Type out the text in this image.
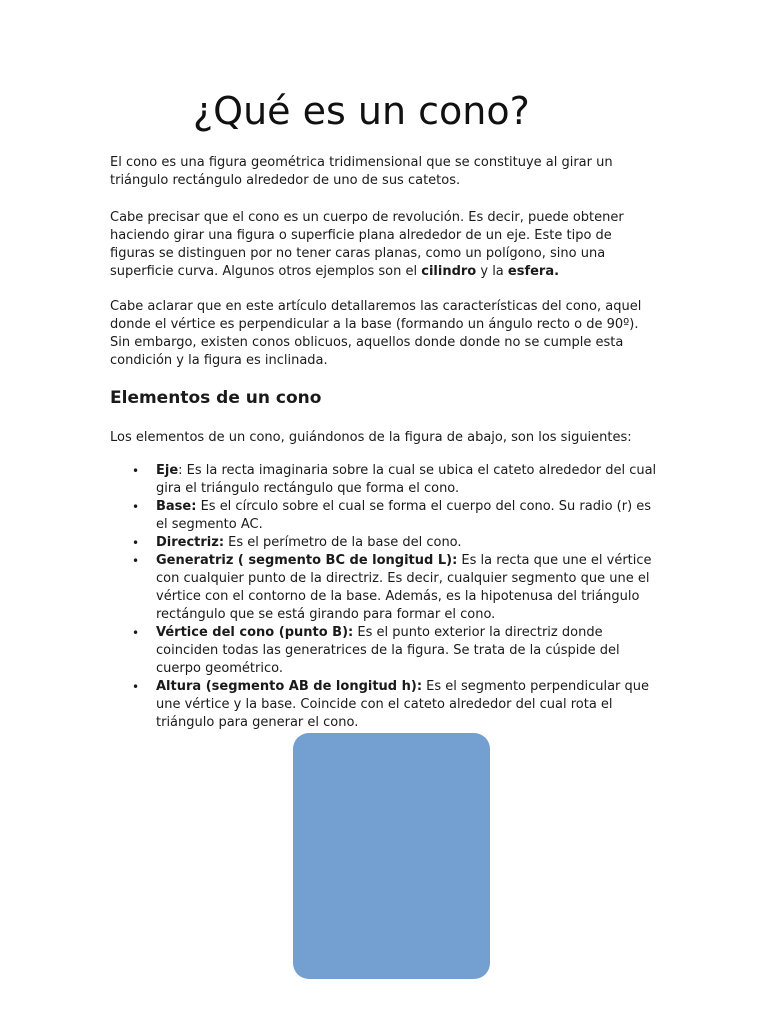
¿Qué es un cono?

El cono es una figura geométrica tridimensional que se constituye al girar un triángulo rectángulo alrededor de uno de sus catetos.

Cabe precisar que el cono es un cuerpo de revolución. Es decir, puede obtener haciendo girar una figura o superficie plana alrededor de un eje. Este tipo de figuras se distinguen por no tener caras planas, como un polígono, sino una superficie curva. Algunos otros ejemplos son el cilindro y la esfera.

Cabe aclarar que en este artículo detallaremos las características del cono, aquel donde el vértice es perpendicular a la base (formando un ángulo recto o de 90º). Sin embargo, existen conos oblicuos, aquellos donde donde no se cumple esta condición y la figura es inclinada.

Elementos de un cono

Los elementos de un cono, guiándonos de la figura de abajo, son los siguientes:

• Eje: Es la recta imaginaria sobre la cual se ubica el cateto alrededor del cual gira el triángulo rectángulo que forma el cono.
• Base: Es el círculo sobre el cual se forma el cuerpo del cono. Su radio (r) es el segmento AC.
• Directriz: Es el perímetro de la base del cono.
• Generatriz ( segmento BC de longitud L): Es la recta que une el vértice con cualquier punto de la directriz. Es decir, cualquier segmento que une el vértice con el contorno de la base. Además, es la hipotenusa del triángulo rectángulo que se está girando para formar el cono.
• Vértice del cono (punto B): Es el punto exterior la directriz donde coinciden todas las generatrices de la figura. Se trata de la cúspide del cuerpo geométrico.
• Altura (segmento AB de longitud h): Es el segmento perpendicular que une vértice y la base. Coincide con el cateto alrededor del cual rota el triángulo para generar el cono.
